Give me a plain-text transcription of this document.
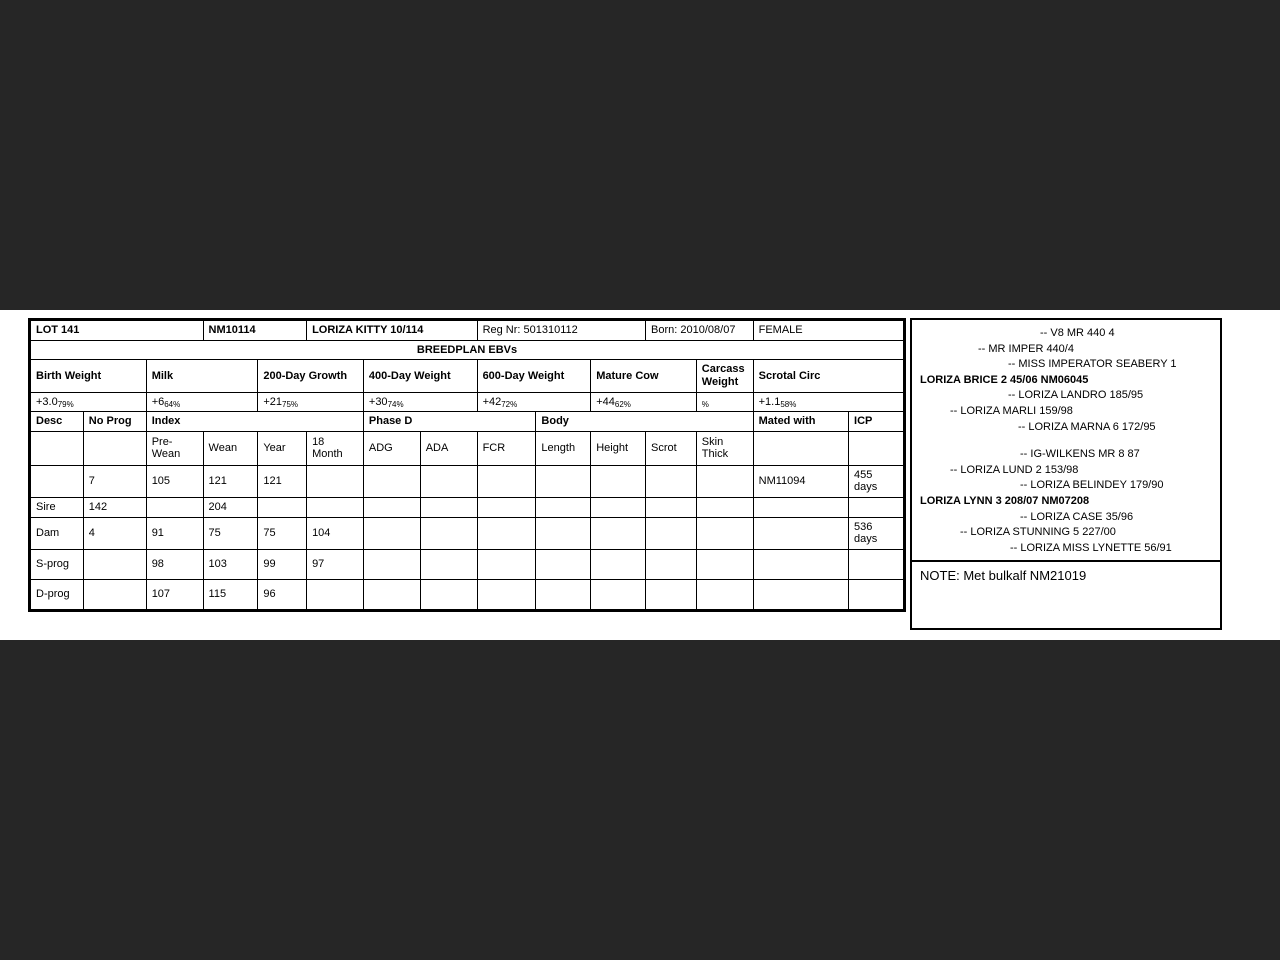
LOT 141			NM10114		LORIZA KITTY 10/114			Reg Nr: 501310112			Born: 2010/08/07		FEMALE	
BREEDPLAN EBVs														
Birth Weight		Milk		200-Day Growth		400-Day Weight		600-Day Weight		Mature Cow		Carcass Weight	Scrotal Circ	
+3.079%		+664%		+2175%		+3074%		+4272%		+4462%		%	+1.158%	
Desc	No Prog	Index				Phase D			Body				Mated with	ICP
		Pre-Wean	Wean	Year	18 Month	ADG	ADA	FCR	Length	Height	Scrot	Skin Thick		
	7	105	121	121									NM11094	455 days
Sire	142		204											
Dam	4	91	75	75	104									536 days
S-prog		98	103	99	97									
D-prog		107	115	96										
-- V8 MR 440 4
-- MR IMPER 440/4
-- MISS IMPERATOR SEABERY 1
LORIZA BRICE 2 45/06 NM06045
-- LORIZA LANDRO 185/95
-- LORIZA MARLI 159/98
-- LORIZA MARNA 6 172/95
-- IG-WILKENS MR 8 87
-- LORIZA LUND 2 153/98
-- LORIZA BELINDEY 179/90
LORIZA LYNN 3 208/07 NM07208
-- LORIZA CASE 35/96
-- LORIZA STUNNING 5 227/00
-- LORIZA MISS LYNETTE 56/91
NOTE: Met bulkalf NM21019
